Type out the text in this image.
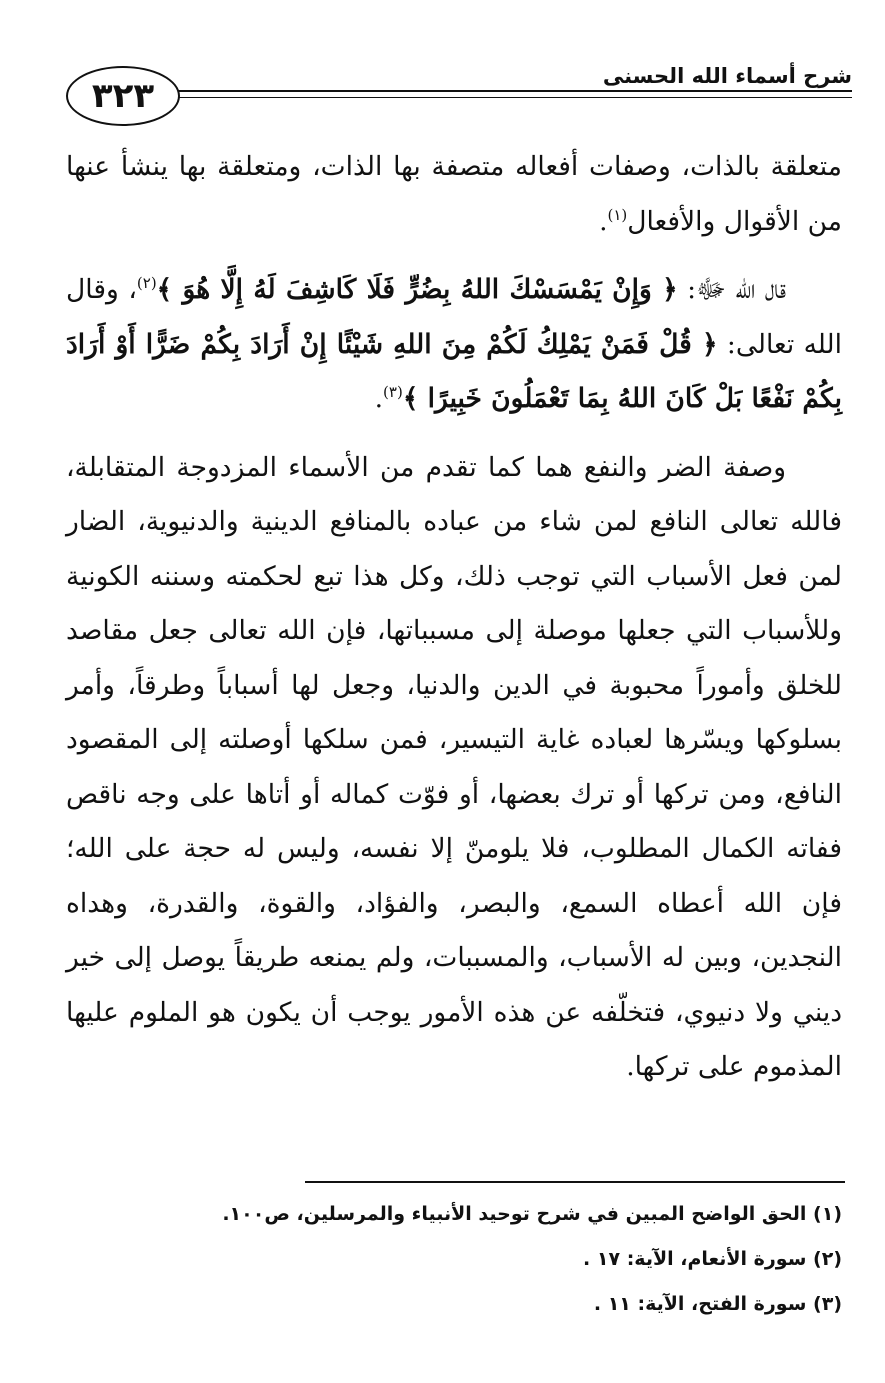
٣٢٣	شرح أسماء الله الحسنى

متعلقة بالذات، وصفات أفعاله متصفة بها الذات، ومتعلقة بها ينشأ عنها من الأقوال والأفعال$^{(١)}$.

قال الله ﷻ: ﴿ وَإِنْ يَمْسَسْكَ اللهُ بِضُرٍّ فَلَا كَاشِفَ لَهُ إِلَّا هُوَ ﴾$^{(٢)}$، وقال الله تعالى: ﴿ قُلْ فَمَنْ يَمْلِكُ لَكُمْ مِنَ اللهِ شَيْئًا إِنْ أَرَادَ بِكُمْ ضَرًّا أَوْ أَرَادَ بِكُمْ نَفْعًا بَلْ كَانَ اللهُ بِمَا تَعْمَلُونَ خَبِيرًا ﴾$^{(٣)}$.

وصفة الضر والنفع هما كما تقدم من الأسماء المزدوجة المتقابلة، فالله تعالى النافع لمن شاء من عباده بالمنافع الدينية والدنيوية، الضار لمن فعل الأسباب التي توجب ذلك، وكل هذا تبع لحكمته وسننه الكونية وللأسباب التي جعلها موصلة إلى مسبباتها، فإن الله تعالى جعل مقاصد للخلق وأموراً محبوبة في الدين والدنيا، وجعل لها أسباباً وطرقاً، وأمر بسلوكها ويسّرها لعباده غاية التيسير، فمن سلكها أوصلته إلى المقصود النافع، ومن تركها أو ترك بعضها، أو فوّت كماله أو أتاها على وجه ناقص ففاته الكمال المطلوب، فلا يلومنّ إلا نفسه، وليس له حجة على الله؛ فإن الله أعطاه السمع، والبصر، والفؤاد، والقوة، والقدرة، وهداه النجدين، وبين له الأسباب، والمسببات، ولم يمنعه طريقاً يوصل إلى خير ديني ولا دنيوي، فتخلّفه عن هذه الأمور يوجب أن يكون هو الملوم عليها المذموم على تركها.

(١) الحق الواضح المبين في شرح توحيد الأنبياء والمرسلين، ص١٠٠.

(٢) سورة الأنعام، الآية: ١٧ .

(٣) سورة الفتح، الآية: ١١ .
